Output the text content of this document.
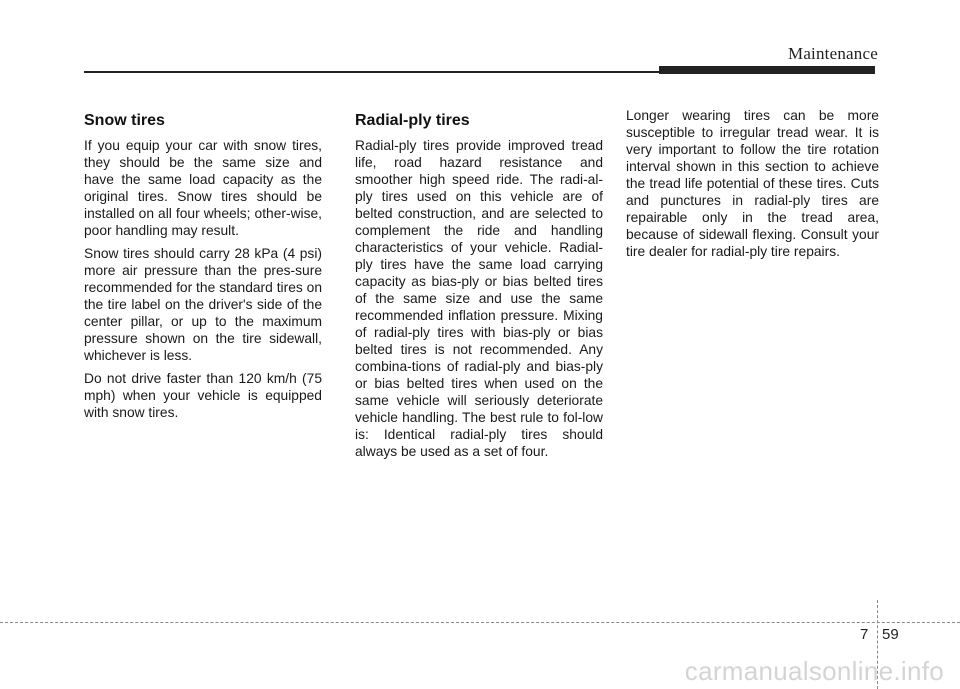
Maintenance
Snow tires

If you equip your car with snow tires, they should be the same size and have the same load capacity as the original tires. Snow tires should be installed on all four wheels; other-wise, poor handling may result.

Snow tires should carry 28 kPa (4 psi) more air pressure than the pres-sure recommended for the standard tires on the tire label on the driver's side of the center pillar, or up to the maximum pressure shown on the tire sidewall, whichever is less.

Do not drive faster than 120 km/h (75 mph) when your vehicle is equipped with snow tires.

Radial-ply tires

Radial-ply tires provide improved tread life, road hazard resistance and smoother high speed ride. The radi-al-ply tires used on this vehicle are of belted construction, and are selected to complement the ride and handling characteristics of your vehicle. Radial-ply tires have the same load carrying capacity as bias-ply or bias belted tires of the same size and use the same recommended inflation pressure. Mixing of radial-ply tires with bias-ply or bias belted tires is not recommended. Any combina-tions of radial-ply and bias-ply or bias belted tires when used on the same vehicle will seriously deteriorate vehicle handling. The best rule to fol-low is: Identical radial-ply tires should always be used as a set of four.

Longer wearing tires can be more susceptible to irregular tread wear. It is very important to follow the tire rotation interval shown in this section to achieve the tread life potential of these tires. Cuts and punctures in radial-ply tires are repairable only in the tread area, because of sidewall flexing. Consult your tire dealer for radial-ply tire repairs.

7 59
carmanualsonline.info
